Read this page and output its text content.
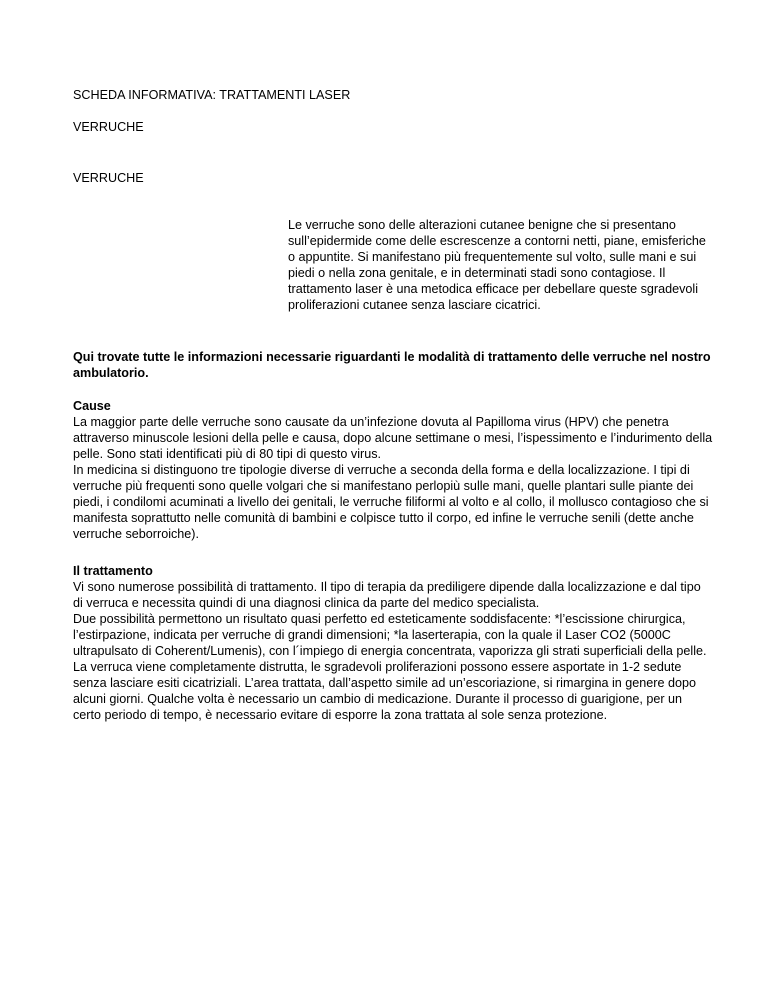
SCHEDA INFORMATIVA: TRATTAMENTI LASER

VERRUCHE

VERRUCHE

Le verruche sono delle alterazioni cutanee benigne che si presentano sull’epidermide come delle escrescenze a contorni netti, piane, emisferiche o appuntite. Si manifestano più frequentemente sul volto, sulle mani e sui piedi o nella zona genitale, e in determinati stadi sono contagiose. Il trattamento laser è una metodica efficace per debellare queste sgradevoli proliferazioni cutanee senza lasciare cicatrici.

Qui trovate tutte le informazioni necessarie riguardanti le modalità di trattamento delle verruche nel nostro ambulatorio.

Cause
La maggior parte delle verruche sono causate da un’infezione dovuta al Papilloma virus (HPV) che penetra attraverso minuscole lesioni della pelle e causa, dopo alcune settimane o mesi, l’ispessimento e l’indurimento della pelle. Sono stati identificati più di 80 tipi di questo virus.
In medicina si distinguono tre tipologie diverse di verruche a seconda della forma e della localizzazione. I tipi di verruche più frequenti sono quelle volgari che si manifestano perlopiù sulle mani, quelle plantari sulle piante dei piedi, i condilomi acuminati a livello dei genitali, le verruche filiformi al volto e al collo, il mollusco contagioso che si manifesta soprattutto nelle comunità di bambini e colpisce tutto il corpo, ed infine le verruche senili (dette anche verruche seborroiche).
Il trattamento
Vi sono numerose possibilità di trattamento. Il tipo di terapia da prediligere dipende dalla localizzazione e dal tipo di verruca e necessita quindi di una diagnosi clinica da parte del medico specialista.
Due possibilità permettono un risultato quasi perfetto ed esteticamente soddisfacente: *l’escissione chirurgica, l’estirpazione, indicata per verruche di grandi dimensioni; *la laserterapia, con la quale il Laser CO2 (5000C ultrapulsato di Coherent/Lumenis), con l´impiego di energia concentrata, vaporizza gli strati superficiali della pelle. La verruca viene completamente distrutta, le sgradevoli proliferazioni possono essere asportate in 1-2 sedute senza lasciare esiti cicatriziali. L’area trattata, dall’aspetto simile ad un’escoriazione, si rimargina in genere dopo alcuni giorni. Qualche volta è necessario un cambio di medicazione. Durante il processo di guarigione, per un certo periodo di tempo, è necessario evitare di esporre la zona trattata al sole senza protezione.
